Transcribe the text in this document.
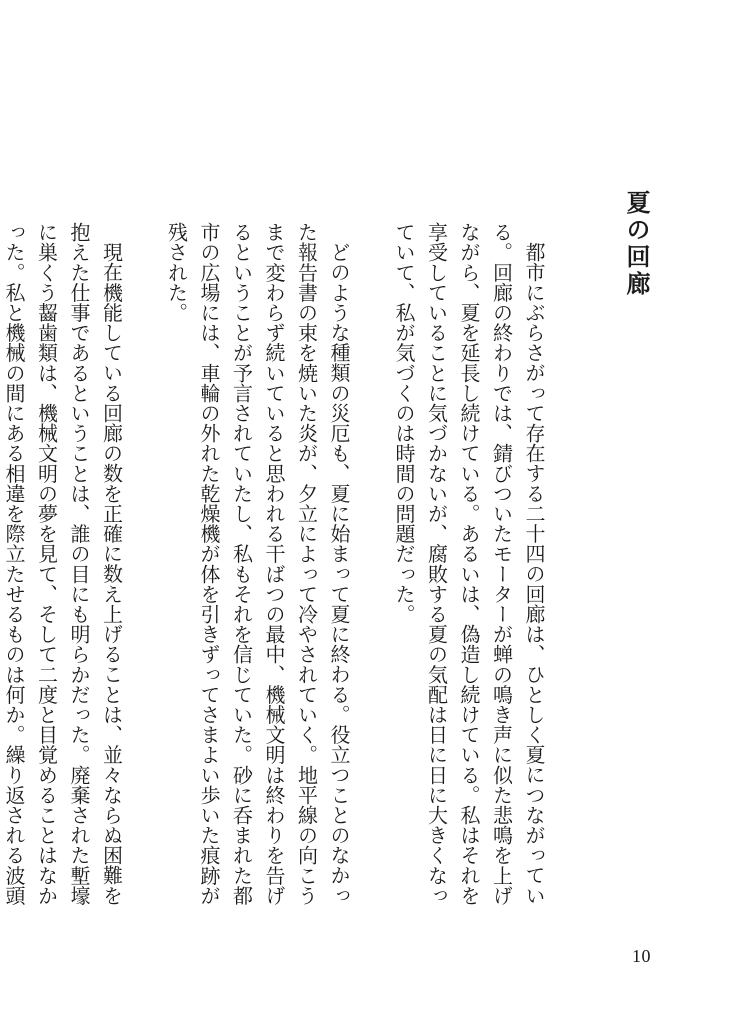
夏の回廊
都市にぶらさがって存在する二十四の回廊は、ひとしく夏につながっている。回廊の終わりでは、錆びついたモーターが蝉の鳴き声に似た悲鳴を上げながら、夏を延長し続けている。あるいは、偽造し続けている。私はそれを享受していることに気づかないが、腐敗する夏の気配は日に日に大きくなっていて、私が気づくのは時間の問題だった。
どのような種類の災厄も、夏に始まって夏に終わる。役立つことのなかった報告書の束を焼いた炎が、夕立によって冷やされていく。地平線の向こうまで変わらず続いていると思われる干ばつの最中、機械文明は終わりを告げるということが予言されていたし、私もそれを信じていた。砂に呑まれた都市の広場には、車輪の外れた乾燥機が体を引きずってさまよい歩いた痕跡が残された。
現在機能している回廊の数を正確に数え上げることは、並々ならぬ困難を抱えた仕事であるということは、誰の目にも明らかだった。廃棄された塹壕に巣くう齧歯類は、機械文明の夢を見て、そして二度と目覚めることはなかった。私と機械の間にある相違を際立たせるものは何か。繰り返される波頭
10
